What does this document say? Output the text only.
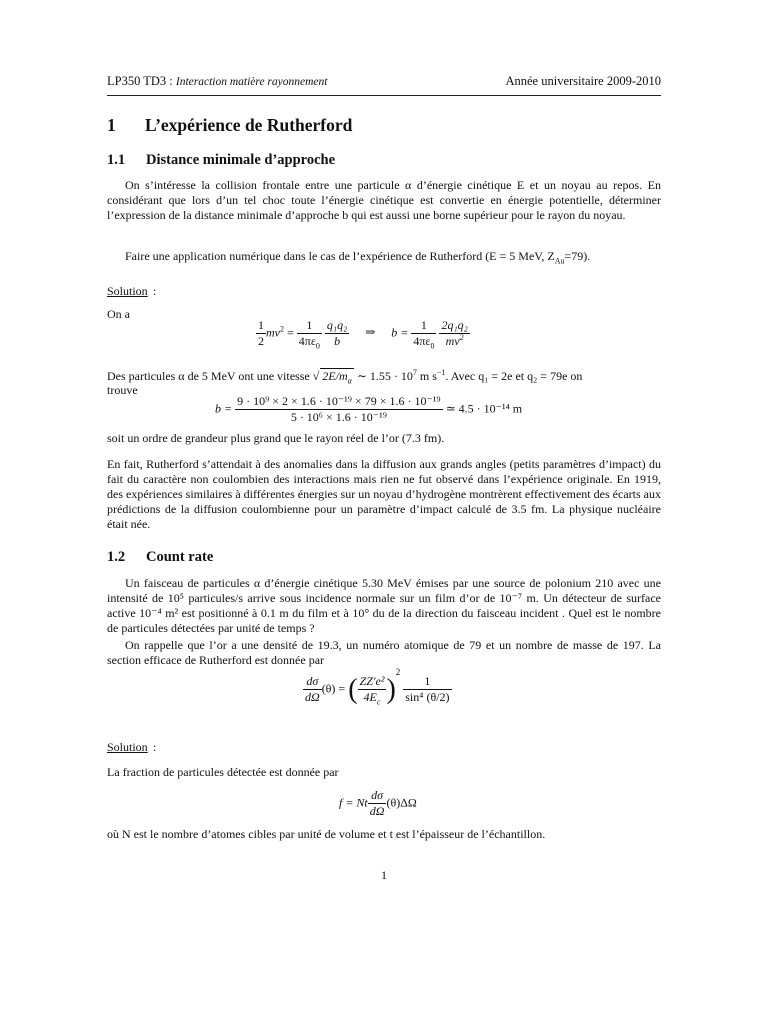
LP350 TD3 : Interaction matière rayonnement	Année universitaire 2009-2010
1 L’expérience de Rutherford
1.1 Distance minimale d’approche
On s’intéresse la collision frontale entre une particule α d’énergie cinétique E et un noyau au repos. En considérant que lors d’un tel choc toute l’énergie cinétique est convertie en énergie potentielle, déterminer l’expression de la distance minimale d’approche b qui est aussi une borne supérieur pour le rayon du noyau.
Faire une application numérique dans le cas de l’expérience de Rutherford (E = 5 MeV, $Z_{Au}=79$).
Solution :
On a
$\frac{1}{2} mv^2 = \frac{1}{4\pi\varepsilon_0}$
$\frac{\text{q₁q₂}}{b}$ ⇒ $b = \frac{1}{4\pi\varepsilon_0}$
$\frac{\text{2q₁q₂}}{mv^2}$
Des particules α de 5 MeV ont une vitesse √ $2E/m_\alpha$ ∼ $1.55 \cdot 10^7$ m $s^{-1}$. Avec q₁ = 2e et q₂ = 79e on
trouve
$b = \frac{\text{9 · 10⁹ × 2 × 1.6 · 10⁻¹⁹ × 79 × 1.6 · 10⁻¹⁹}}{\text{5 · 10⁶ × 1.6 · 10⁻¹⁹}}$ ≃ 4.5 · 10⁻¹⁴ m
soit un ordre de grandeur plus grand que le rayon réel de l’or (7.3 fm).
En fait, Rutherford s’attendait à des anomalies dans la diffusion aux grands angles (petits paramètres d’impact) du fait du caractère non coulombien des interactions mais rien ne fut observé dans l’expérience originale. En 1919, des expériences similaires à différentes énergies sur un noyau d’hydrogène montrèrent effectivement des écarts aux prédictions de la diffusion coulombienne pour un paramètre d’impact calculé de 3.5 fm. La physique nucléaire était née.
1.2 Count rate
Un faisceau de particules α d’énergie cinétique 5.30 MeV émises par une source de polonium 210 avec une intensité de 10⁵ particules/s arrive sous incidence normale sur un film d’or de 10⁻⁷ m. Un détecteur de surface active 10⁻⁴ m² est positionné à 0.1 m du film et à 10° du de la direction du faisceau incident . Quel est le nombre de particules détectées par unité de temps ?
On rappelle que l’or a une densité de 19.3, un numéro atomique de 79 et un nombre de masse de 197. La section efficace de Rutherford est donnée par
$\frac{d\sigma}{d\Omega} (\theta)$ = ( $\frac{\text{ZZ′e²}}{4E_c} )^2$
$\frac{1}{\text{sin⁴ (θ/2)}}$
Solution :
La fraction de particules détectée est donnée par
f = Nt $\frac{d\sigma}{d\Omega} (\theta)\Delta\Omega$
où N est le nombre d’atomes cibles par unité de volume et t est l’épaisseur de l’échantillon.
1
